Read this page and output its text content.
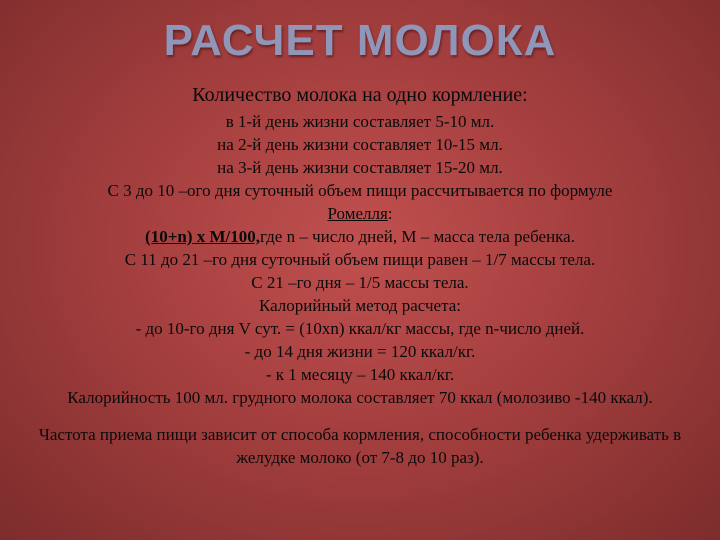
РАСЧЕТ МОЛОКА
Количество молока на одно кормление:
в 1-й день жизни составляет 5-10 мл.
на 2-й день жизни составляет 10-15 мл.
на 3-й день жизни составляет 15-20 мл.
С 3 до 10 –ого дня суточный объем пищи рассчитывается по формуле
Ромелля:
(10+n) x M/100,где n – число дней, М – масса тела ребенка.
С 11 до 21 –го дня суточный объем пищи равен – 1/7 массы тела.
С 21 –го дня – 1/5 массы тела.
Калорийный метод расчета:
- до 10-го дня V сут. = (10хn) ккал/кг массы, где n-число дней.
- до 14 дня жизни = 120 ккал/кг.
- к 1 месяцу – 140 ккал/кг.
Калорийность 100 мл. грудного молока составляет 70 ккал (молозиво -140 ккал).
Частота приема пищи зависит от способа кормления, способности ребенка удерживать в желудке молоко (от 7-8 до 10 раз).
